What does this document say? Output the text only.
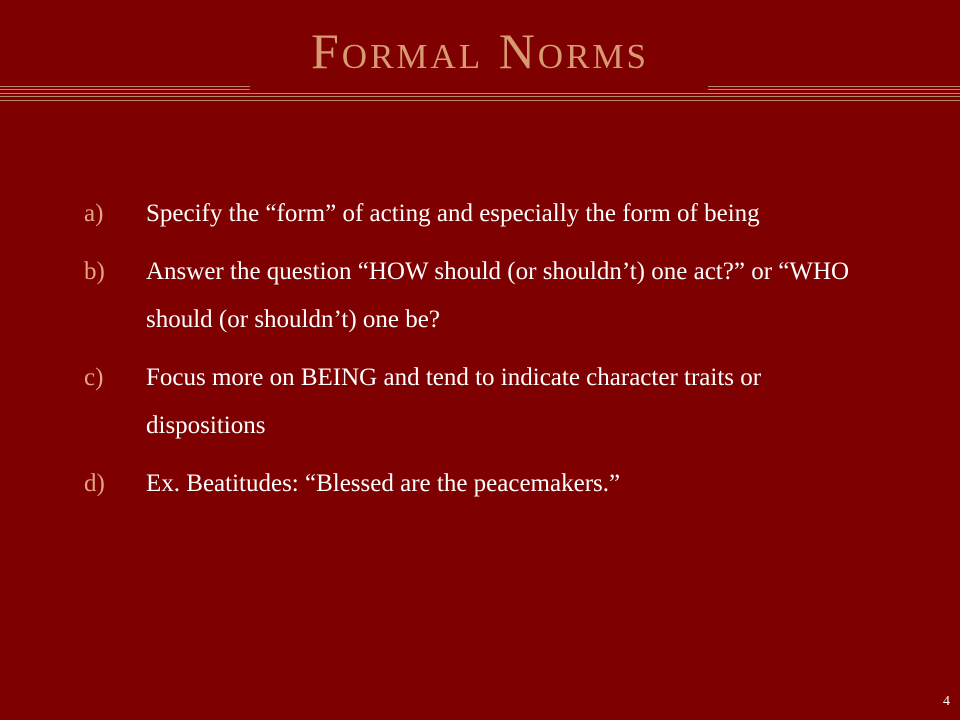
Formal Norms
a) Specify the “form” of acting and especially the form of being
b) Answer the question “HOW should (or shouldn’t) one act?” or “WHO should (or shouldn’t) one be?
c) Focus more on BEING and tend to indicate character traits or dispositions
d) Ex. Beatitudes: “Blessed are the peacemakers.”
4
